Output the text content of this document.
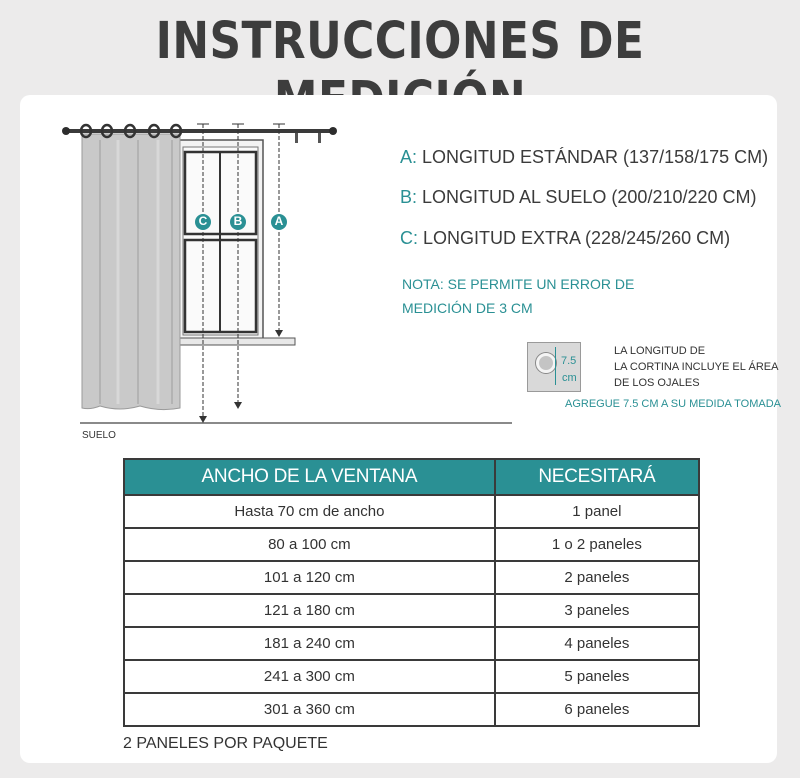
INSTRUCCIONES DE
C B	A
SUELO
A: LONGITUD ESTÁNDAR (137/158/175 CM)
B: LONGITUD AL SUELO (200/210/220 CM)
C: LONGITUD EXTRA (228/245/260 CM)
NOTA: SE PERMITE UN ERROR DE
MEDICIÓN DE 3 CM
7.5
cm
LA LONGITUD DE
LA CORTINA INCLUYE EL ÁREA
DE LOS OJALES
AGREGUE 7.5 CM A SU MEDIDA TOMADA
ANCHO DE LA VENTANA	NECESITARÁ
Hasta 70 cm de ancho	1 panel
80 a 100 cm	1 o 2 paneles
101 a 120 cm	2 paneles
121 a 180 cm	3 paneles
181 a 240 cm	4 paneles
241 a 300 cm	5 paneles
301 a 360 cm	6 paneles
2 PANELES POR PAQUETE
